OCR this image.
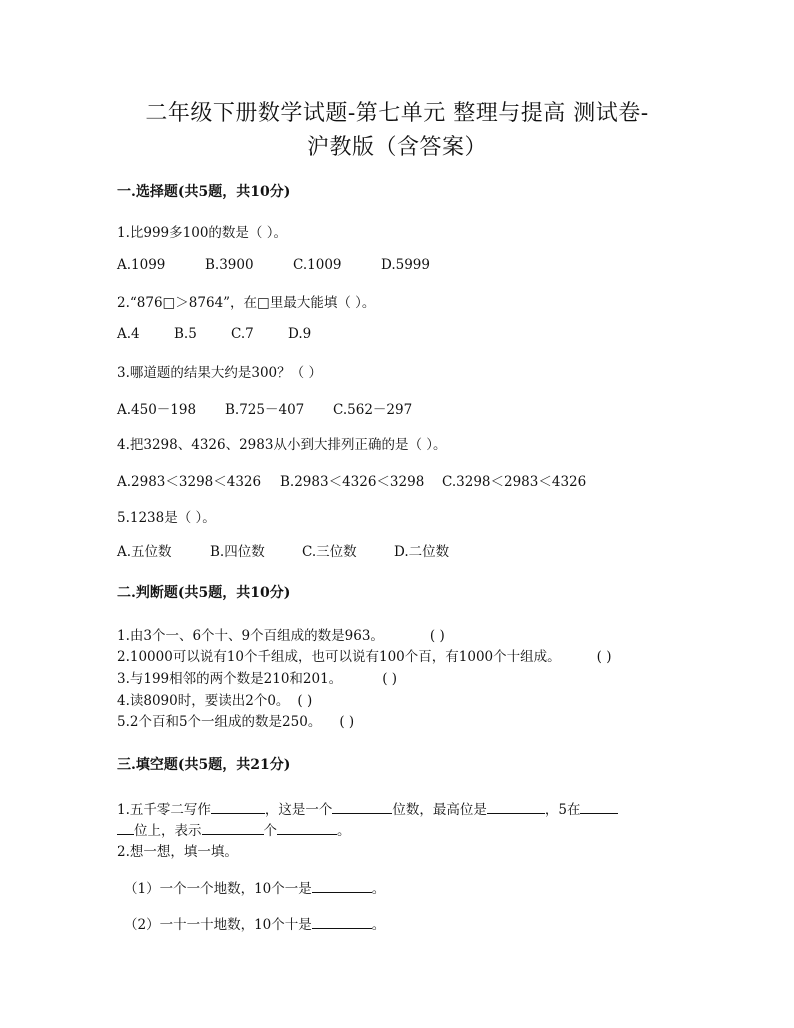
二年级下册数学试题-第七单元 整理与提高 测试卷-
沪教版（含答案）
一.选择题(共5题，共10分)
1.比999多100的数是（ ）。
A.1099	B.3900	C.1009	D.5999
2.“876□＞8764”，在□里最大能填（ ）。
A.4	B.5	C.7	D.9
3.哪道题的结果大约是300？（ ）
A.450－198 B.725－407 C.562－297
4.把3298、4326、2983从小到大排列正确的是（ ）。
A.2983＜3298＜4326 B.2983＜4326＜3298 C.3298＜2983＜4326
5.1238是（ ）。
A.五位数	B.四位数	C.三位数	D.二位数
二.判断题(共5题，共10分)
1.由3个一、6个十、9个百组成的数是963。	( )
2.10000可以说有10个千组成，也可以说有100个百，有1000个十组成。	( )
3.与199相邻的两个数是210和201。	( )
4.读8090时，要读出2个0。 ( )
5.2个百和5个一组成的数是250。 ( )
三.填空题(共5题，共21分)
1.五千零二写作	，这是一个	位数，最高位是	，5在
位上，表示	个	。
2.想一想，填一填。
（1）一个一个地数，10个一是	。
（2）一十一十地数，10个十是	。
